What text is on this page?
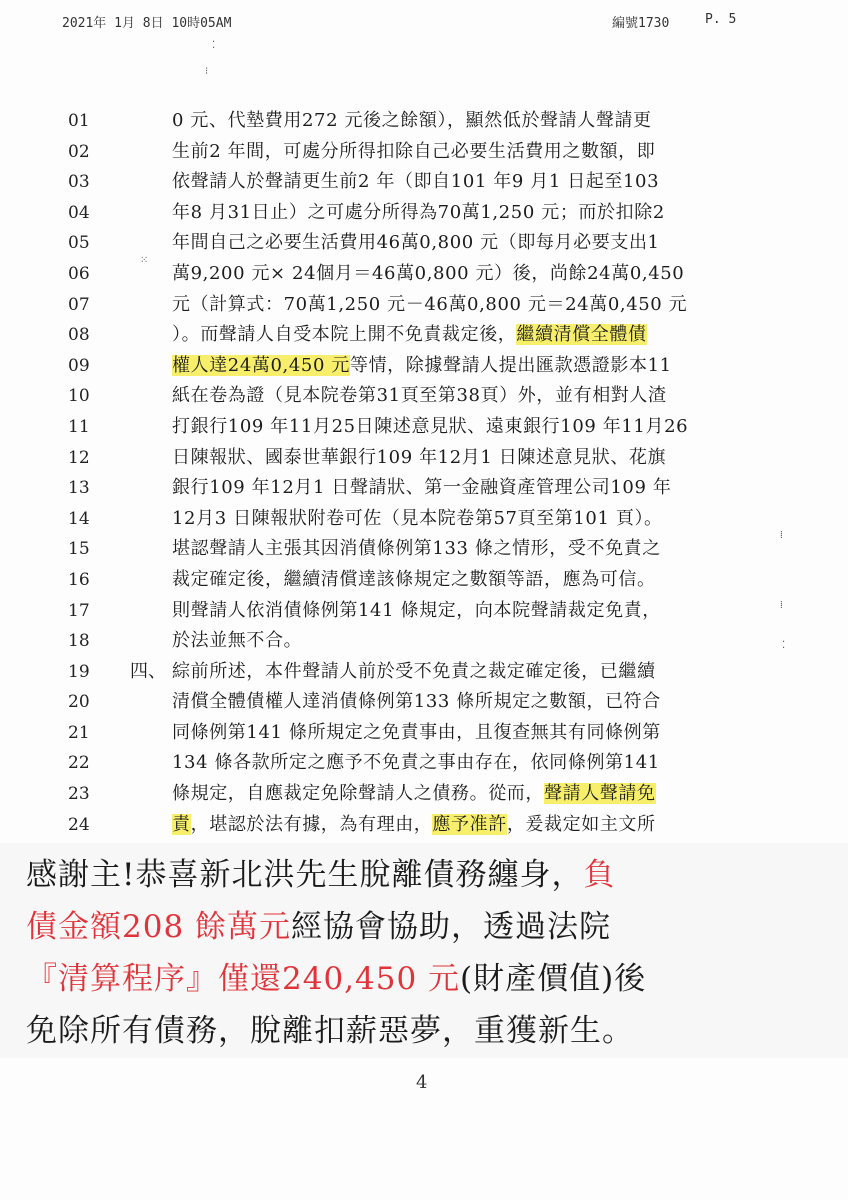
2021年 1月 8日 10時05AM	編號1730	P. 5
⁚
⁝
⁙
⁞
⁞
⁚
01
02
03
04
05
06
07
08
09
10
11
12
13
14
15
16
17
18
19
20
21
22
23
24
四、
0 元、代墊費用272 元後之餘額），顯然低於聲請人聲請更
生前2 年間，可處分所得扣除自己必要生活費用之數額，即
依聲請人於聲請更生前2 年（即自101 年9 月1 日起至103
年8 月31日止）之可處分所得為70萬1,250 元；而於扣除2
年間自己之必要生活費用46萬0,800 元（即每月必要支出1
萬9,200 元× 24個月＝46萬0,800 元）後，尚餘24萬0,450
元（計算式：70萬1,250 元－46萬0,800 元＝24萬0,450 元
）。而聲請人自受本院上開不免責裁定後，繼續清償全體債
權人達24萬0,450 元等情，除據聲請人提出匯款憑證影本11
紙在卷為證（見本院卷第31頁至第38頁）外，並有相對人渣
打銀行109 年11月25日陳述意見狀、遠東銀行109 年11月26
日陳報狀、國泰世華銀行109 年12月1 日陳述意見狀、花旗
銀行109 年12月1 日聲請狀、第一金融資產管理公司109 年
12月3 日陳報狀附卷可佐（見本院卷第57頁至第101 頁）。
堪認聲請人主張其因消債條例第133 條之情形，受不免責之
裁定確定後，繼續清償達該條規定之數額等語，應為可信。
則聲請人依消債條例第141 條規定，向本院聲請裁定免責，
於法並無不合。
綜前所述，本件聲請人前於受不免責之裁定確定後，已繼續
清償全體債權人達消債條例第133 條所規定之數額，已符合
同條例第141 條所規定之免責事由，且復查無其有同條例第
134 條各款所定之應予不免責之事由存在，依同條例第141
條規定，自應裁定免除聲請人之債務。從而，聲請人聲請免
責，堪認於法有據，為有理由，應予准許，爰裁定如主文所
感謝主!恭喜新北洪先生脫離債務纏身，負
債金額208 餘萬元經協會協助，透過法院
『清算程序』僅還240,450 元(財產價值)後
免除所有債務，脫離扣薪惡夢，重獲新生。
4
